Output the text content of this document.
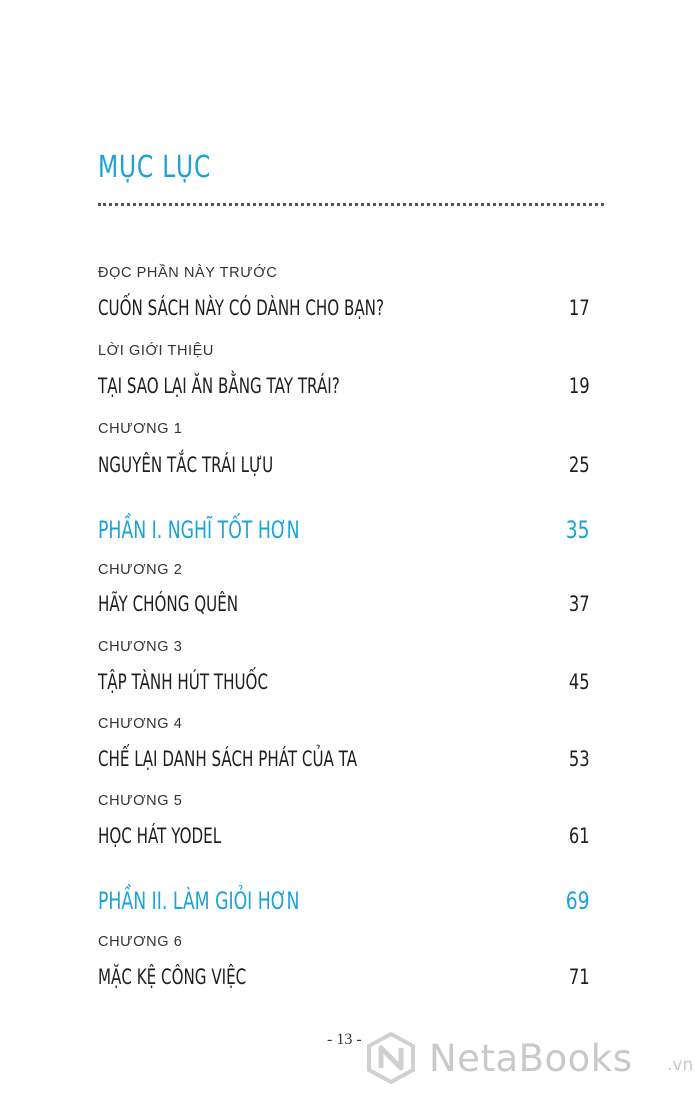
MỤC LỤC
ĐỌC PHẦN NÀY TRƯỚC
CUỐN SÁCH NÀY CÓ DÀNH CHO BẠN?	17
LỜI GIỚI THIỆU
TẠI SAO LẠI ĂN BẰNG TAY TRÁI?	19
CHƯƠNG 1
NGUYÊN TẮC TRÁI LỰU	25
PHẦN I. NGHĨ TỐT HƠN	35
CHƯƠNG 2
HÃY CHÓNG QUÊN	37
CHƯƠNG 3
TẬP TÀNH HÚT THUỐC	45
CHƯƠNG 4
CHẾ LẠI DANH SÁCH PHÁT CỦA TA	53
CHƯƠNG 5
HỌC HÁT YODEL	61
PHẦN II. LÀM GIỎI HƠN	69
CHƯƠNG 6
MẶC KỆ CÔNG VIỆC	71
- 13 - NetaBooks .vn
